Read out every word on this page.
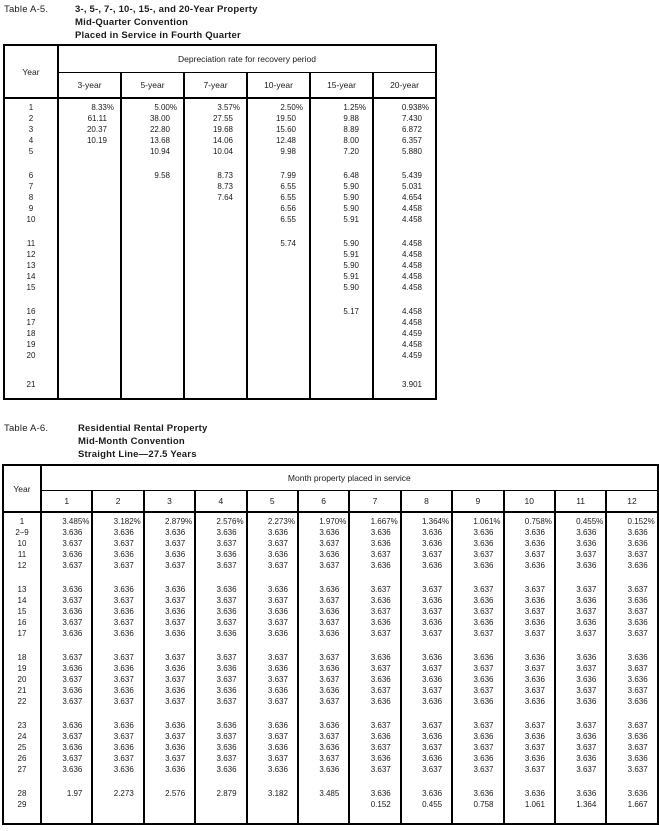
Table A-5.	3-, 5-, 7-, 10-, 15-, and 20-Year Property
Mid-Quarter Convention
Placed in Service in Fourth Quarter
Year	Depreciation rate for recovery period					
	3-year	5-year	7-year	10-year	15-year	20-year

1	8.33%	5.00%	3.57%	2.50%	1.25%	0.938%
2	61.11	38.00	27.55	19.50	9.88	7.430
3	20.37	22.80	19.68	15.60	8.89	6.872
4	10.19	13.68	14.06	12.48	8.00	6.357
5		10.94	10.04	9.98	7.20	5.880

6		9.58	8.73	7.99	6.48	5.439
7			8.73	6.55	5.90	5.031
8			7.64	6.55	5.90	4.654
9				6.56	5.90	4.458
10				6.55	5.91	4.458

11				5.74	5.90	4.458
12					5.91	4.458
13					5.90	4.458
14					5.91	4.458
15					5.90	4.458

16					5.17	4.458
17						4.458
18						4.459
19						4.458
20						4.459

21						3.901

Table A-6.	Residential Rental Property
Mid-Month Convention
Straight Line—27.5 Years
Year	Month property placed in service											
	1	2	3	4	5	6	7	8	9	10	11	12

1	3.485%	3.182%	2.879%	2.576%	2.273%	1.970%	1.667%	1.364%	1.061%	0.758%	0.455%	0.152%
2–9	3.636	3.636	3.636	3.636	3.636	3.636	3.636	3.636	3.636	3.636	3.636	3.636
10	3.637	3.637	3.637	3.637	3.637	3.637	3.636	3.636	3.636	3.636	3.636	3.636
11	3.636	3.636	3.636	3.636	3.636	3.636	3.637	3.637	3.637	3.637	3.637	3.637
12	3.637	3.637	3.637	3.637	3.637	3.637	3.636	3.636	3.636	3.636	3.636	3.636

13	3.636	3.636	3.636	3.636	3.636	3.636	3.637	3.637	3.637	3.637	3.637	3.637
14	3.637	3.637	3.637	3.637	3.637	3.637	3.636	3.636	3.636	3.636	3.636	3.636
15	3.636	3.636	3.636	3.636	3.636	3.636	3.637	3.637	3.637	3.637	3.637	3.637
16	3.637	3.637	3.637	3.637	3.637	3.637	3.636	3.636	3.636	3.636	3.636	3.636
17	3.636	3.636	3.636	3.636	3.636	3.636	3.637	3.637	3.637	3.637	3.637	3.637

18	3.637	3.637	3.637	3.637	3.637	3.637	3.636	3.636	3.636	3.636	3.636	3.636
19	3.636	3.636	3.636	3.636	3.636	3.636	3.637	3.637	3.637	3.637	3.637	3.637
20	3.637	3.637	3.637	3.637	3.637	3.637	3.636	3.636	3.636	3.636	3.636	3.636
21	3.636	3.636	3.636	3.636	3.636	3.636	3.637	3.637	3.637	3.637	3.637	3.637
22	3.637	3.637	3.637	3.637	3.637	3.637	3.636	3.636	3.636	3.636	3.636	3.636

23	3.636	3.636	3.636	3.636	3.636	3.636	3.637	3.637	3.637	3.637	3.637	3.637
24	3.637	3.637	3.637	3.637	3.637	3.637	3.636	3.636	3.636	3.636	3.636	3.636
25	3.636	3.636	3.636	3.636	3.636	3.636	3.637	3.637	3.637	3.637	3.637	3.637
26	3.637	3.637	3.637	3.637	3.637	3.637	3.636	3.636	3.636	3.636	3.636	3.636
27	3.636	3.636	3.636	3.636	3.636	3.636	3.637	3.637	3.637	3.637	3.637	3.637

28	1.97	2.273	2.576	2.879	3.182	3.485	3.636	3.636	3.636	3.636	3.636	3.636
29							0.152	0.455	0.758	1.061	1.364	1.667
